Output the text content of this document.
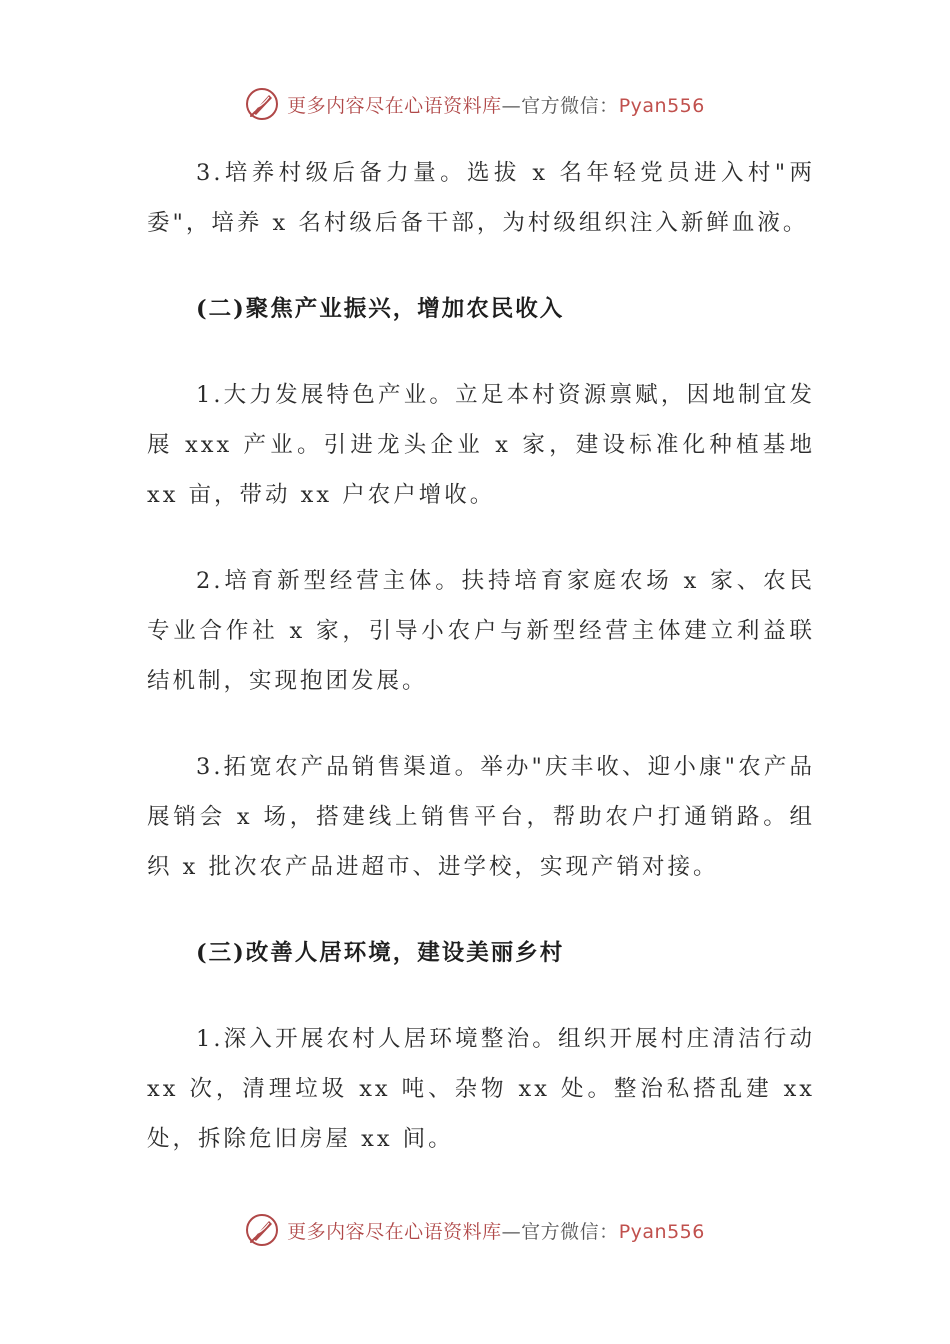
更多内容尽在心语资料库—官方微信：Pyan556

3.培养村级后备力量。选拔 x 名年轻党员进入村"两委"，培养 x 名村级后备干部，为村级组织注入新鲜血液。

(二)聚焦产业振兴，增加农民收入

1.大力发展特色产业。立足本村资源禀赋，因地制宜发展 xxx 产业。引进龙头企业 x 家，建设标准化种植基地 xx 亩，带动 xx 户农户增收。

2.培育新型经营主体。扶持培育家庭农场 x 家、农民专业合作社 x 家，引导小农户与新型经营主体建立利益联结机制，实现抱团发展。

3.拓宽农产品销售渠道。举办"庆丰收、迎小康"农产品展销会 x 场，搭建线上销售平台，帮助农户打通销路。组织 x 批次农产品进超市、进学校，实现产销对接。

(三)改善人居环境，建设美丽乡村

1.深入开展农村人居环境整治。组织开展村庄清洁行动 xx 次，清理垃圾 xx 吨、杂物 xx 处。整治私搭乱建 xx 处，拆除危旧房屋 xx 间。

更多内容尽在心语资料库—官方微信：Pyan556
